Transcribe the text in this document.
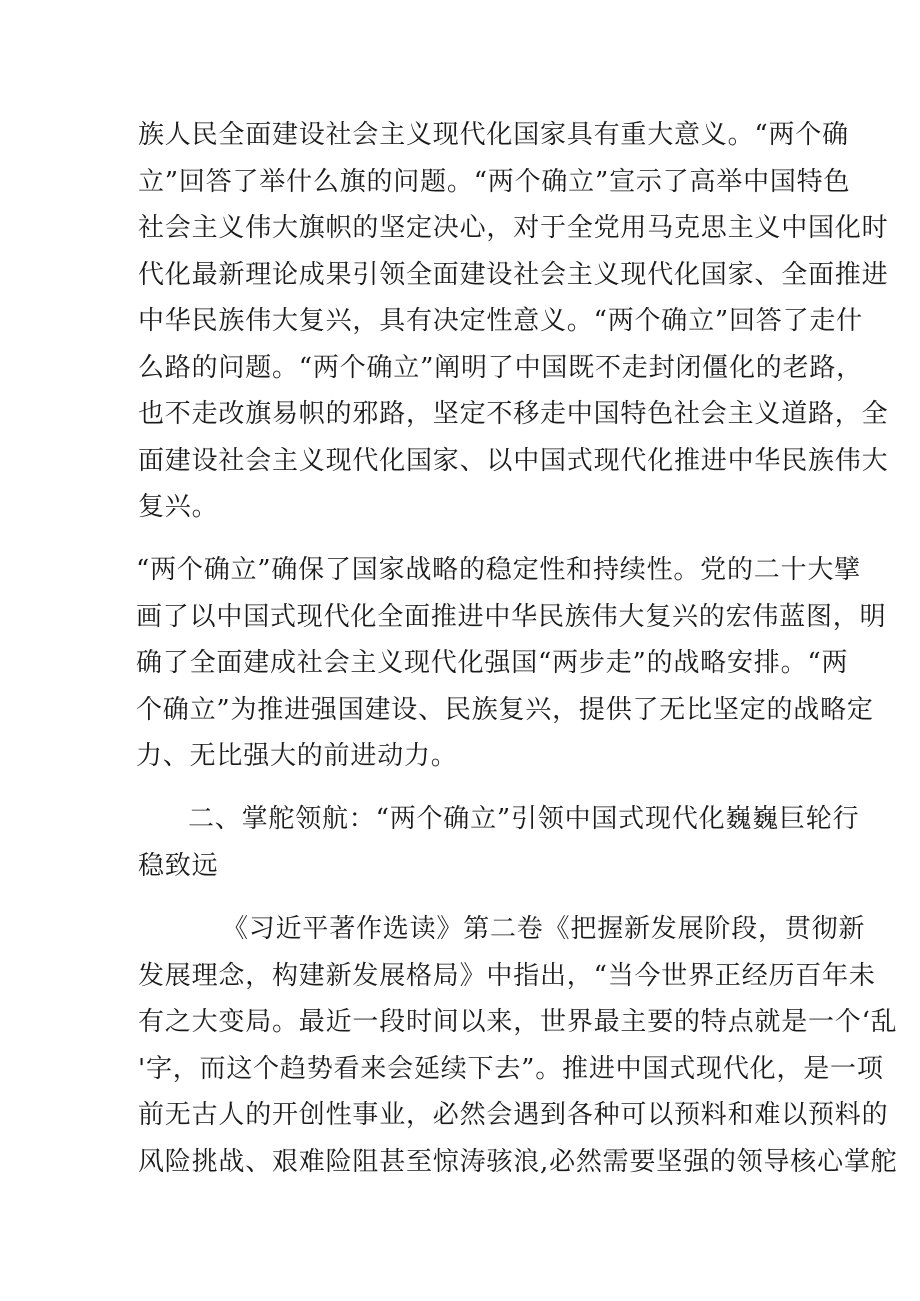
族人民全面建设社会主义现代化国家具有重大意义。“两个确
立”回答了举什么旗的问题。“两个确立”宣示了高举中国特色
社会主义伟大旗帜的坚定决心，对于全党用马克思主义中国化时
代化最新理论成果引领全面建设社会主义现代化国家、全面推进
中华民族伟大复兴，具有决定性意义。“两个确立”回答了走什
么路的问题。“两个确立”阐明了中国既不走封闭僵化的老路，
也不走改旗易帜的邪路，坚定不移走中国特色社会主义道路，全
面建设社会主义现代化国家、以中国式现代化推进中华民族伟大
复兴。
“两个确立”确保了国家战略的稳定性和持续性。党的二十大擘
画了以中国式现代化全面推进中华民族伟大复兴的宏伟蓝图，明
确了全面建成社会主义现代化强国“两步走”的战略安排。“两
个确立”为推进强国建设、民族复兴，提供了无比坚定的战略定
力、无比强大的前进动力。
二、掌舵领航：“两个确立”引领中国式现代化巍巍巨轮行
稳致远
《习近平著作选读》第二卷《把握新发展阶段，贯彻新
发展理念，构建新发展格局》中指出，“当今世界正经历百年未
有之大变局。最近一段时间以来，世界最主要的特点就是一个‘乱
'字，而这个趋势看来会延续下去”。推进中国式现代化，是一项
前无古人的开创性事业，必然会遇到各种可以预料和难以预料的
风险挑战、艰难险阻甚至惊涛骇浪,必然需要坚强的领导核心掌舵
